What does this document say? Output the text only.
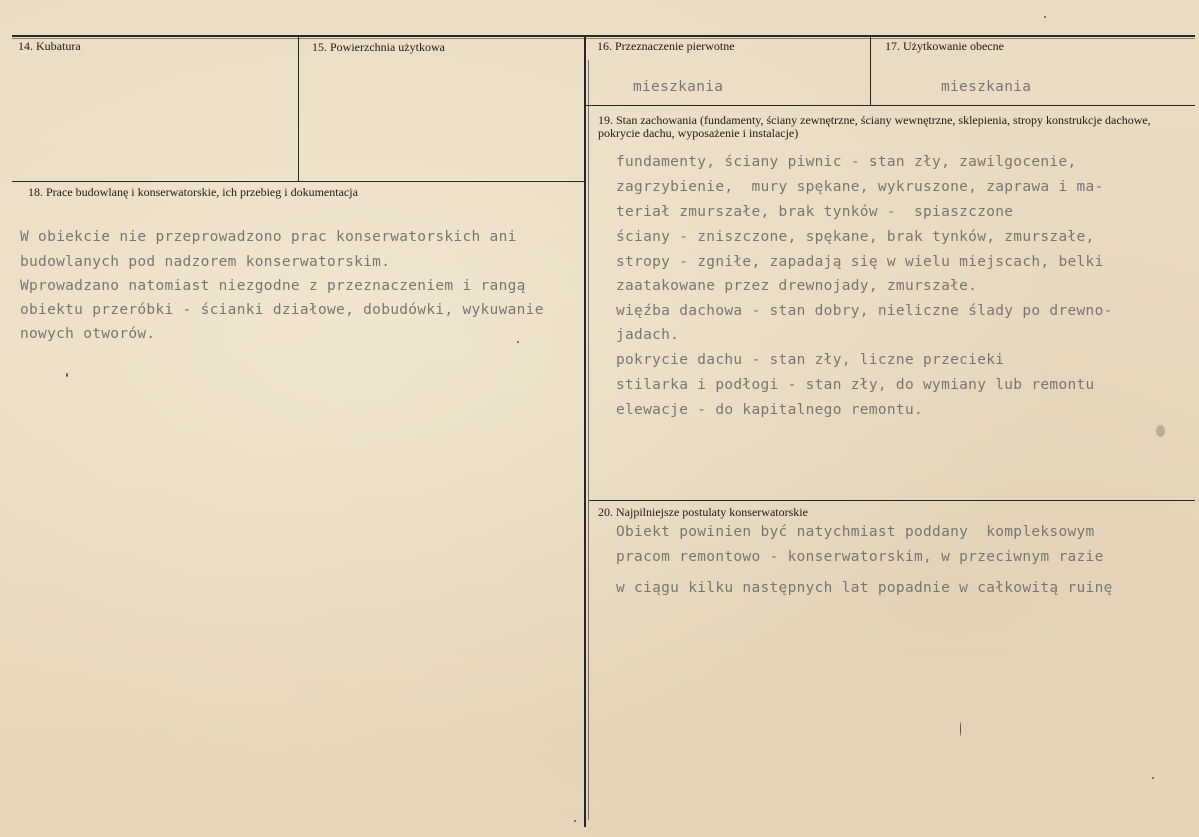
14. Kubatura	15. Powierzchnia użytkowa	16. Przeznaczenie pierwotne
mieszkania
17. Użytkowanie obecne
mieszkania
18. Prace budowlanę i konserwatorskie, ich przebieg i dokumentacja
W obiekcie nie przeprowadzono prac konserwatorskich ani
budowlanych pod nadzorem konserwatorskim.
Wprowadzano natomiast niezgodne z przeznaczeniem i rangą
obiektu przeróbki - ścianki działowe, dobudówki, wykuwanie
nowych otworów.
19. Stan zachowania (fundamenty, ściany zewnętrzne, ściany wewnętrzne, sklepienia, stropy konstrukcje dachowe, pokrycie dachu, wyposażenie i instalacje)
fundamenty, ściany piwnic - stan zły, zawilgocenie,
zagrzybienie,  mury spękane, wykruszone, zaprawa i ma-
teriał zmurszałe, brak tynków -  spiaszczone
ściany - zniszczone, spękane, brak tynków, zmurszałe,
stropy - zgniłe, zapadają się w wielu miejscach, belki
zaatakowane przez drewnojady, zmurszałe.
więźba dachowa - stan dobry, nieliczne ślady po drewno-
jadach.
pokrycie dachu - stan zły, liczne przecieki
stilarka i podłogi - stan zły, do wymiany lub remontu
elewacje - do kapitalnego remontu.
20. Najpilniejsze postulaty konserwatorskie
Obiekt powinien być natychmiast poddany  kompleksowym
pracom remontowo - konserwatorskim, w przeciwnym razie
w ciągu kilku następnych lat popadnie w całkowitą ruinę
